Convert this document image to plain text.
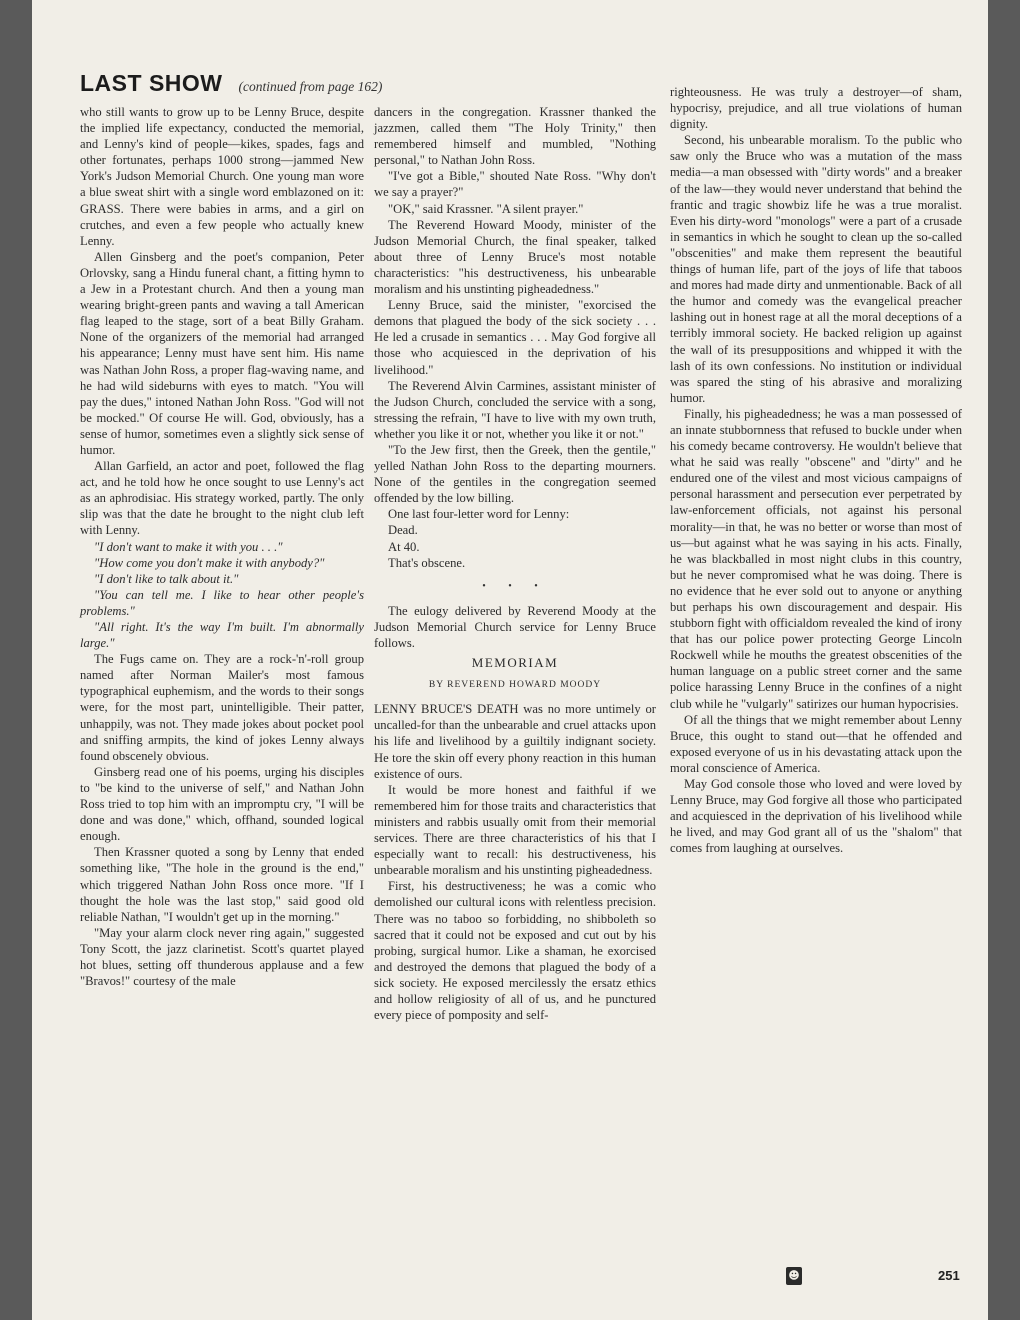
LAST SHOW (continued from page 162)

who still wants to grow up to be Lenny Bruce, despite the implied life expectancy, conducted the memorial, and Lenny's kind of people—kikes, spades, fags and other fortunates, perhaps 1000 strong—jammed New York's Judson Memorial Church. One young man wore a blue sweat shirt with a single word emblazoned on it: GRASS. There were babies in arms, and a girl on crutches, and even a few people who actually knew Lenny.

Allen Ginsberg and the poet's companion, Peter Orlovsky, sang a Hindu funeral chant, a fitting hymn to a Jew in a Protestant church. And then a young man wearing bright-green pants and waving a tall American flag leaped to the stage, sort of a beat Billy Graham. None of the organizers of the memorial had arranged his appearance; Lenny must have sent him. His name was Nathan John Ross, a proper flag-waving name, and he had wild sideburns with eyes to match. "You will pay the dues," intoned Nathan John Ross. "God will not be mocked." Of course He will. God, obviously, has a sense of humor, sometimes even a slightly sick sense of humor.

Allan Garfield, an actor and poet, followed the flag act, and he told how he once sought to use Lenny's act as an aphrodisiac. His strategy worked, partly. The only slip was that the date he brought to the night club left with Lenny.

"I don't want to make it with you . . ."

"How come you don't make it with anybody?"

"I don't like to talk about it."

"You can tell me. I like to hear other people's problems."

"All right. It's the way I'm built. I'm abnormally large."

The Fugs came on. They are a rock-'n'-roll group named after Norman Mailer's most famous typographical euphemism, and the words to their songs were, for the most part, unintelligible. Their patter, unhappily, was not. They made jokes about pocket pool and sniffing armpits, the kind of jokes Lenny always found obscenely obvious.

Ginsberg read one of his poems, urging his disciples to "be kind to the universe of self," and Nathan John Ross tried to top him with an impromptu cry, "I will be done and was done," which, offhand, sounded logical enough.

Then Krassner quoted a song by Lenny that ended something like, "The hole in the ground is the end," which triggered Nathan John Ross once more. "If I thought the hole was the last stop," said good old reliable Nathan, "I wouldn't get up in the morning."

"May your alarm clock never ring again," suggested Tony Scott, the jazz clarinetist. Scott's quartet played hot blues, setting off thunderous applause and a few "Bravos!" courtesy of the male

dancers in the congregation. Krassner thanked the jazzmen, called them "The Holy Trinity," then remembered himself and mumbled, "Nothing personal," to Nathan John Ross.

"I've got a Bible," shouted Nate Ross. "Why don't we say a prayer?"

"OK," said Krassner. "A silent prayer."

The Reverend Howard Moody, minister of the Judson Memorial Church, the final speaker, talked about three of Lenny Bruce's most notable characteristics: "his destructiveness, his unbearable moralism and his unstinting pigheadedness."

Lenny Bruce, said the minister, "exorcised the demons that plagued the body of the sick society . . . He led a crusade in semantics . . . May God forgive all those who acquiesced in the deprivation of his livelihood."

The Reverend Alvin Carmines, assistant minister of the Judson Church, concluded the service with a song, stressing the refrain, "I have to live with my own truth, whether you like it or not, whether you like it or not."

"To the Jew first, then the Greek, then the gentile," yelled Nathan John Ross to the departing mourners. None of the gentiles in the congregation seemed offended by the low billing.

One last four-letter word for Lenny:

Dead.

At 40.

That's obscene.

• • •

The eulogy delivered by Reverend Moody at the Judson Memorial Church service for Lenny Bruce follows.

MEMORIAM
BY REVEREND HOWARD MOODY

LENNY BRUCE'S DEATH was no more untimely or uncalled-for than the unbearable and cruel attacks upon his life and livelihood by a guiltily indignant society. He tore the skin off every phony reaction in this human existence of ours.

It would be more honest and faithful if we remembered him for those traits and characteristics that ministers and rabbis usually omit from their memorial services. There are three characteristics of his that I especially want to recall: his destructiveness, his unbearable moralism and his unstinting pigheadedness.

First, his destructiveness; he was a comic who demolished our cultural icons with relentless precision. There was no taboo so forbidding, no shibboleth so sacred that it could not be exposed and cut out by his probing, surgical humor. Like a shaman, he exorcised and destroyed the demons that plagued the body of a sick society. He exposed mercilessly the ersatz ethics and hollow religiosity of all of us, and he punctured every piece of pomposity and self-

righteousness. He was truly a destroyer—of sham, hypocrisy, prejudice, and all true violations of human dignity.

Second, his unbearable moralism. To the public who saw only the Bruce who was a mutation of the mass media—a man obsessed with "dirty words" and a breaker of the law—they would never understand that behind the frantic and tragic showbiz life he was a true moralist. Even his dirty-word "monologs" were a part of a crusade in semantics in which he sought to clean up the so-called "obscenities" and make them represent the beautiful things of human life, part of the joys of life that taboos and mores had made dirty and unmentionable. Back of all the humor and comedy was the evangelical preacher lashing out in honest rage at all the moral deceptions of a terribly immoral society. He backed religion up against the wall of its presuppositions and whipped it with the lash of its own confessions. No institution or individual was spared the sting of his abrasive and moralizing humor.

Finally, his pigheadedness; he was a man possessed of an innate stubbornness that refused to buckle under when his comedy became controversy. He wouldn't believe that what he said was really "obscene" and "dirty" and he endured one of the vilest and most vicious campaigns of personal harassment and persecution ever perpetrated by law-enforcement officials, not against his personal morality—in that, he was no better or worse than most of us—but against what he was saying in his acts. Finally, he was blackballed in most night clubs in this country, but he never compromised what he was doing. There is no evidence that he ever sold out to anyone or anything but perhaps his own discouragement and despair. His stubborn fight with officialdom revealed the kind of irony that has our police power protecting George Lincoln Rockwell while he mouths the greatest obscenities of the human language on a public street corner and the same police harassing Lenny Bruce in the confines of a night club while he "vulgarly" satirizes our human hypocrisies.

Of all the things that we might remember about Lenny Bruce, this ought to stand out—that he offended and exposed everyone of us in his devastating attack upon the moral conscience of America.

May God console those who loved and were loved by Lenny Bruce, may God forgive all those who participated and acquiesced in the deprivation of his livelihood while he lived, and may God grant all of us the "shalom" that comes from laughing at ourselves.

☻	251
